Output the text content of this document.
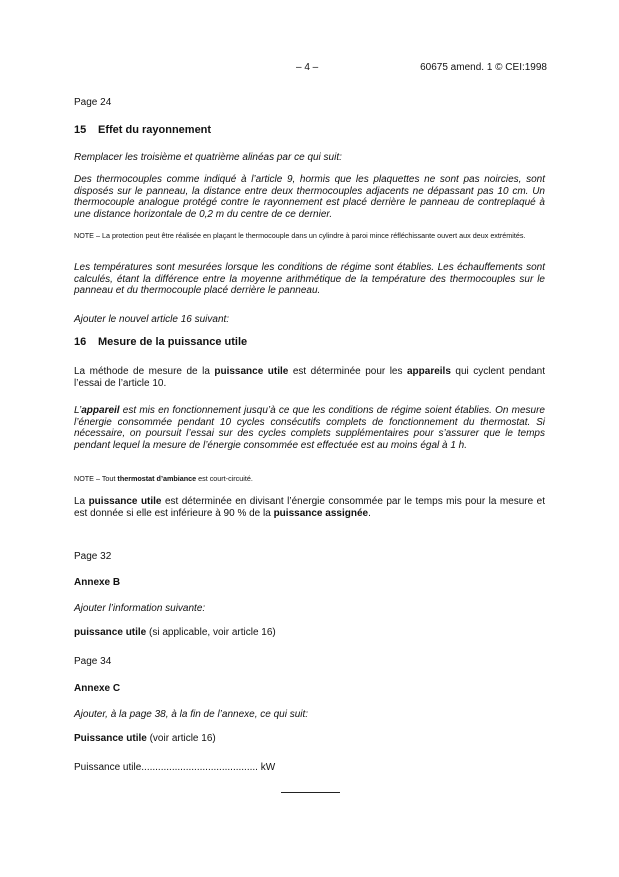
– 4 –	60675 amend. 1 © CEI:1998
Page 24
15 Effet du rayonnement
Remplacer les troisième et quatrième alinéas par ce qui suit:
Des thermocouples comme indiqué à l’article 9, hormis que les plaquettes ne sont pas noircies, sont disposés sur le panneau, la distance entre deux thermocouples adjacents ne dépassant pas 10 cm. Un thermocouple analogue protégé contre le rayonnement est placé derrière le panneau de contreplaqué à une distance horizontale de 0,2 m du centre de ce dernier.
NOTE – La protection peut être réalisée en plaçant le thermocouple dans un cylindre à paroi mince réfléchissante ouvert aux deux extrémités.
Les températures sont mesurées lorsque les conditions de régime sont établies. Les échauffements sont calculés, étant la différence entre la moyenne arithmétique de la température des thermocouples sur le panneau et du thermocouple placé derrière le panneau.
Ajouter le nouvel article 16 suivant:
16 Mesure de la puissance utile
La méthode de mesure de la puissance utile est déterminée pour les appareils qui cyclent pendant l’essai de l’article 10.
L’appareil est mis en fonctionnement jusqu’à ce que les conditions de régime soient établies. On mesure l’énergie consommée pendant 10 cycles consécutifs complets de fonctionnement du thermostat. Si nécessaire, on poursuit l’essai sur des cycles complets supplémentaires pour s’assurer que le temps pendant lequel la mesure de l’énergie consommée est effectuée est au moins égal à 1 h.
NOTE – Tout thermostat d’ambiance est court-circuité.
La puissance utile est déterminée en divisant l’énergie consommée par le temps mis pour la mesure et est donnée si elle est inférieure à 90 % de la puissance assignée.
Page 32
Annexe B
Ajouter l’information suivante:
puissance utile (si applicable, voir article 16)
Page 34
Annexe C
Ajouter, à la page 38, à la fin de l’annexe, ce qui suit:
Puissance utile (voir article 16)
Puissance utile.......................................... kW
